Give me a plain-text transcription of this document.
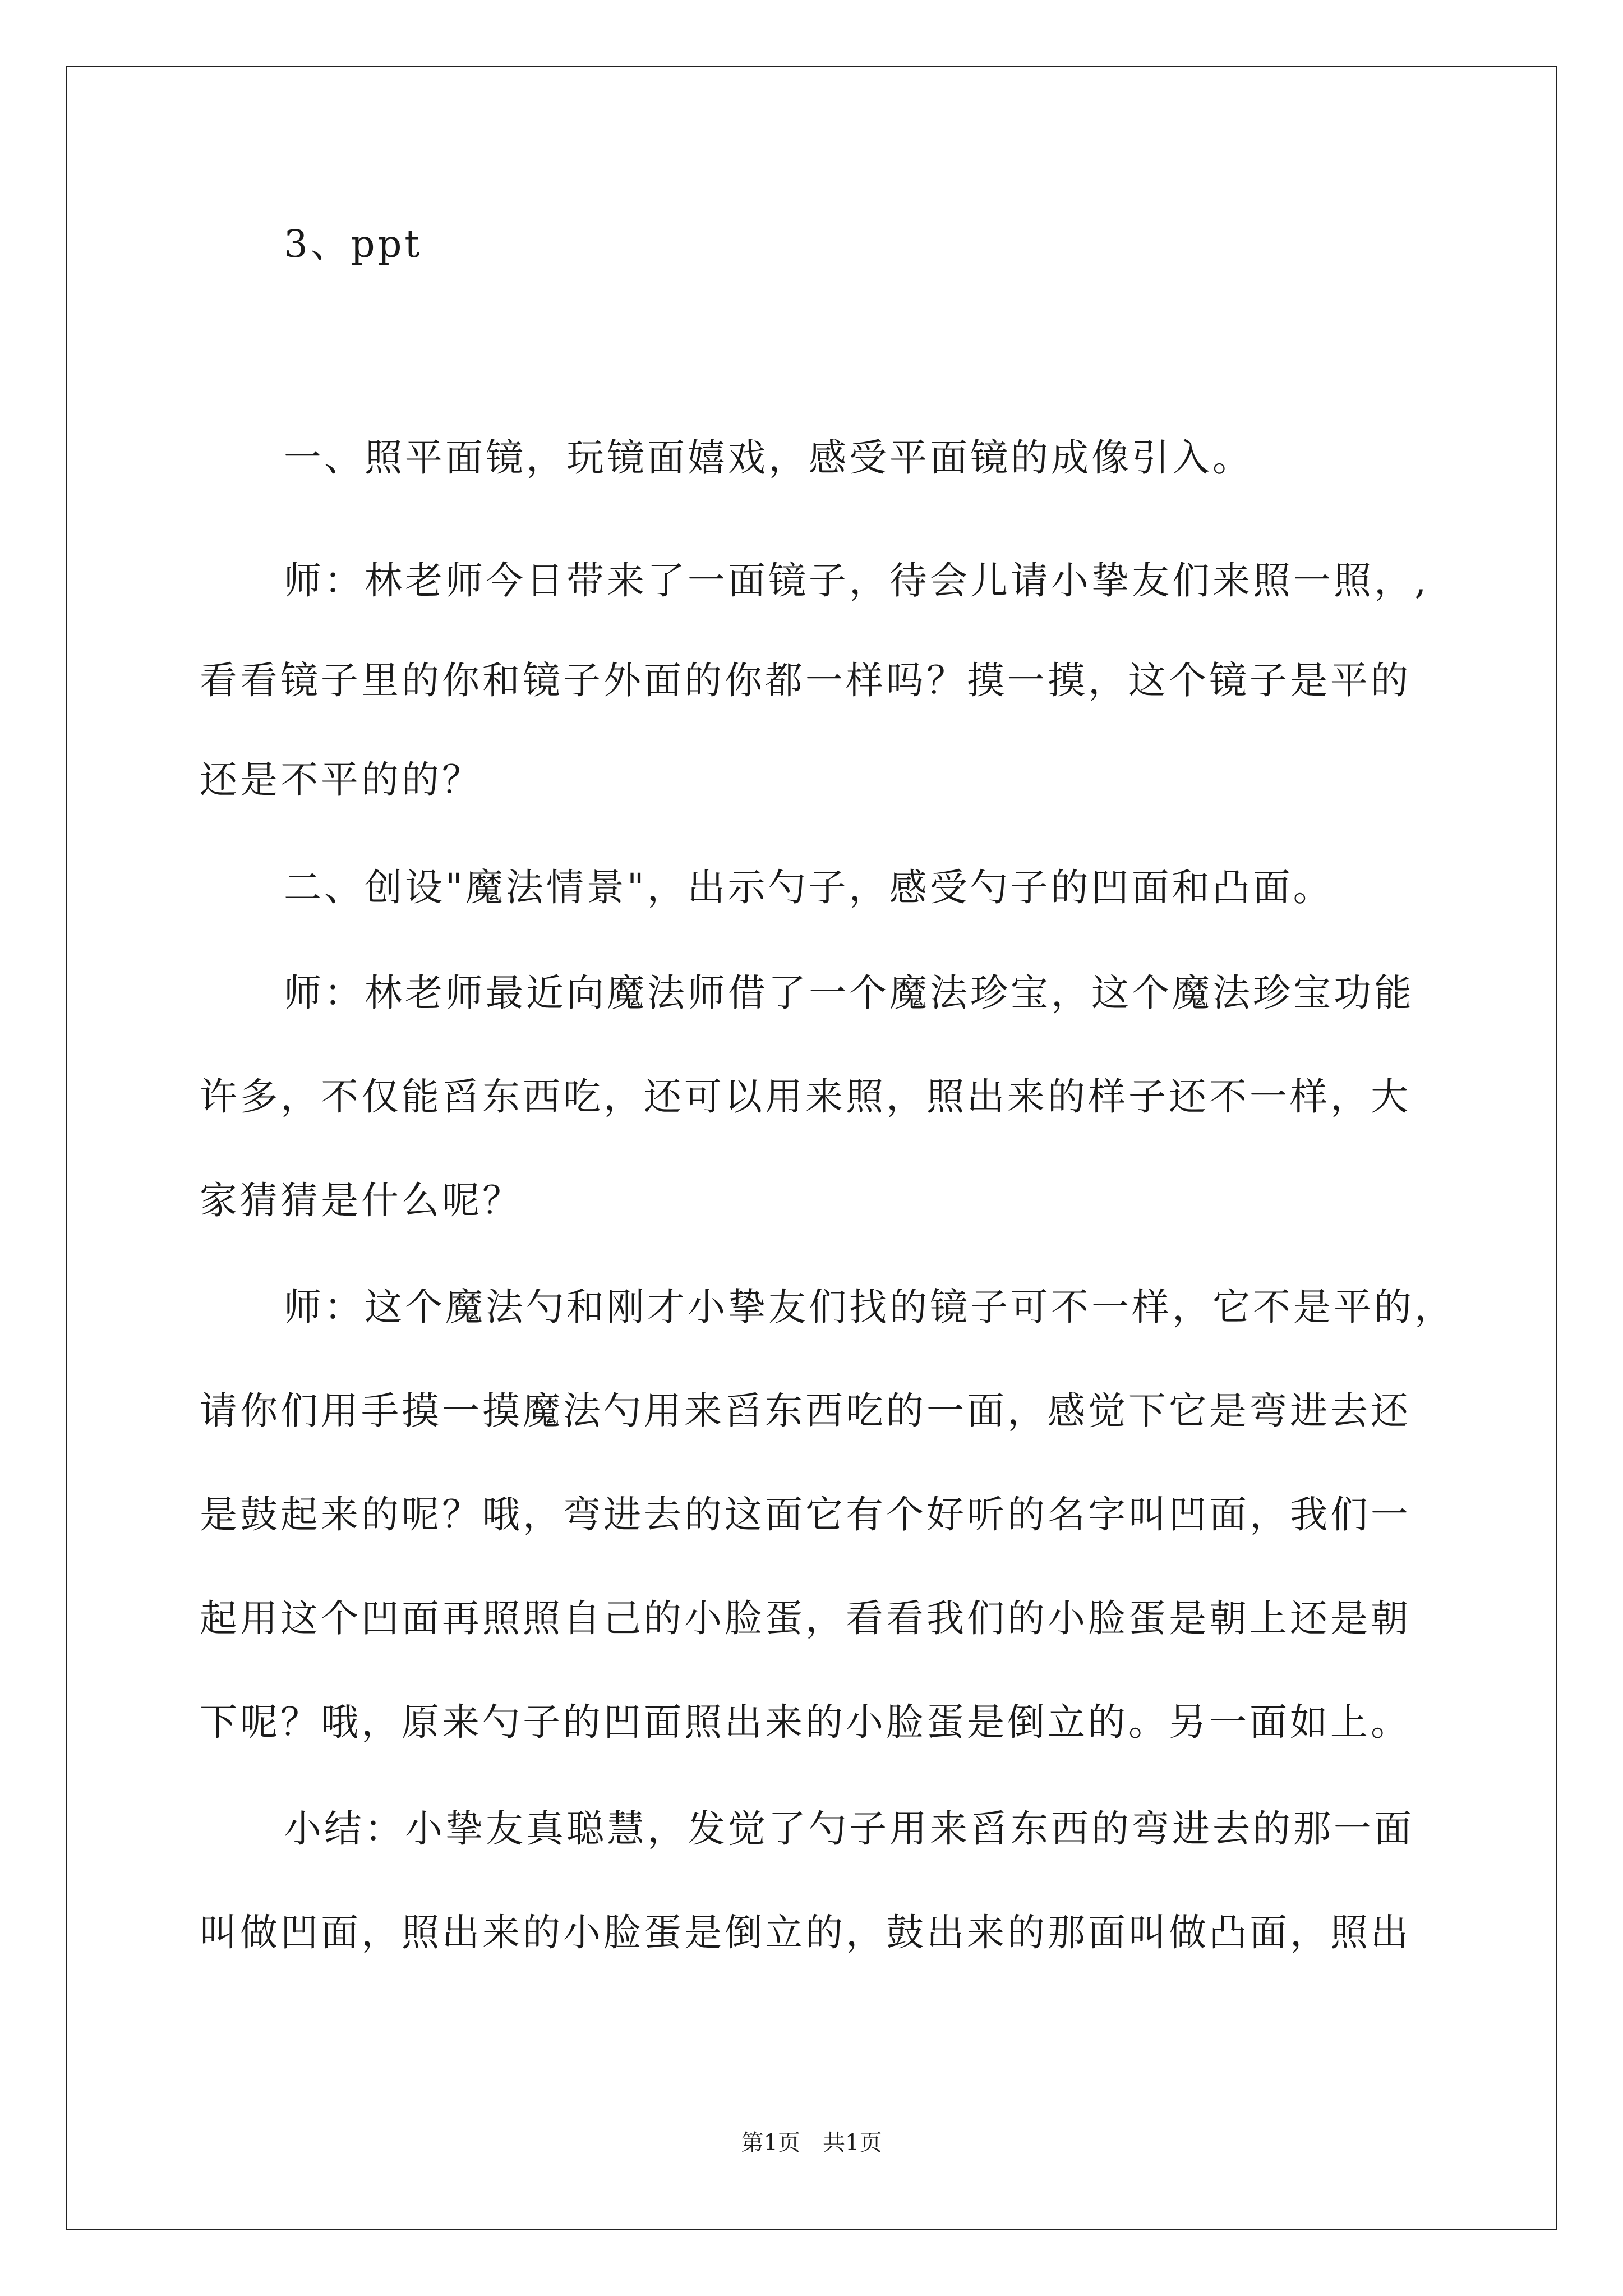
3、ppt
一、照平面镜，玩镜面嬉戏，感受平面镜的成像引入。
师：林老师今日带来了一面镜子，待会儿请小挚友们来照一照，,
看看镜子里的你和镜子外面的你都一样吗？摸一摸，这个镜子是平的
还是不平的的？
二、创设"魔法情景"，出示勺子，感受勺子的凹面和凸面。
师：林老师最近向魔法师借了一个魔法珍宝，这个魔法珍宝功能
许多，不仅能舀东西吃，还可以用来照，照出来的样子还不一样，大
家猜猜是什么呢？
师：这个魔法勺和刚才小挚友们找的镜子可不一样，它不是平的，
请你们用手摸一摸魔法勺用来舀东西吃的一面，感觉下它是弯进去还
是鼓起来的呢？哦，弯进去的这面它有个好听的名字叫凹面，我们一
起用这个凹面再照照自己的小脸蛋，看看我们的小脸蛋是朝上还是朝
下呢？哦，原来勺子的凹面照出来的小脸蛋是倒立的。另一面如上。
小结：小挚友真聪慧，发觉了勺子用来舀东西的弯进去的那一面
叫做凹面，照出来的小脸蛋是倒立的，鼓出来的那面叫做凸面，照出
第1页　共1页
